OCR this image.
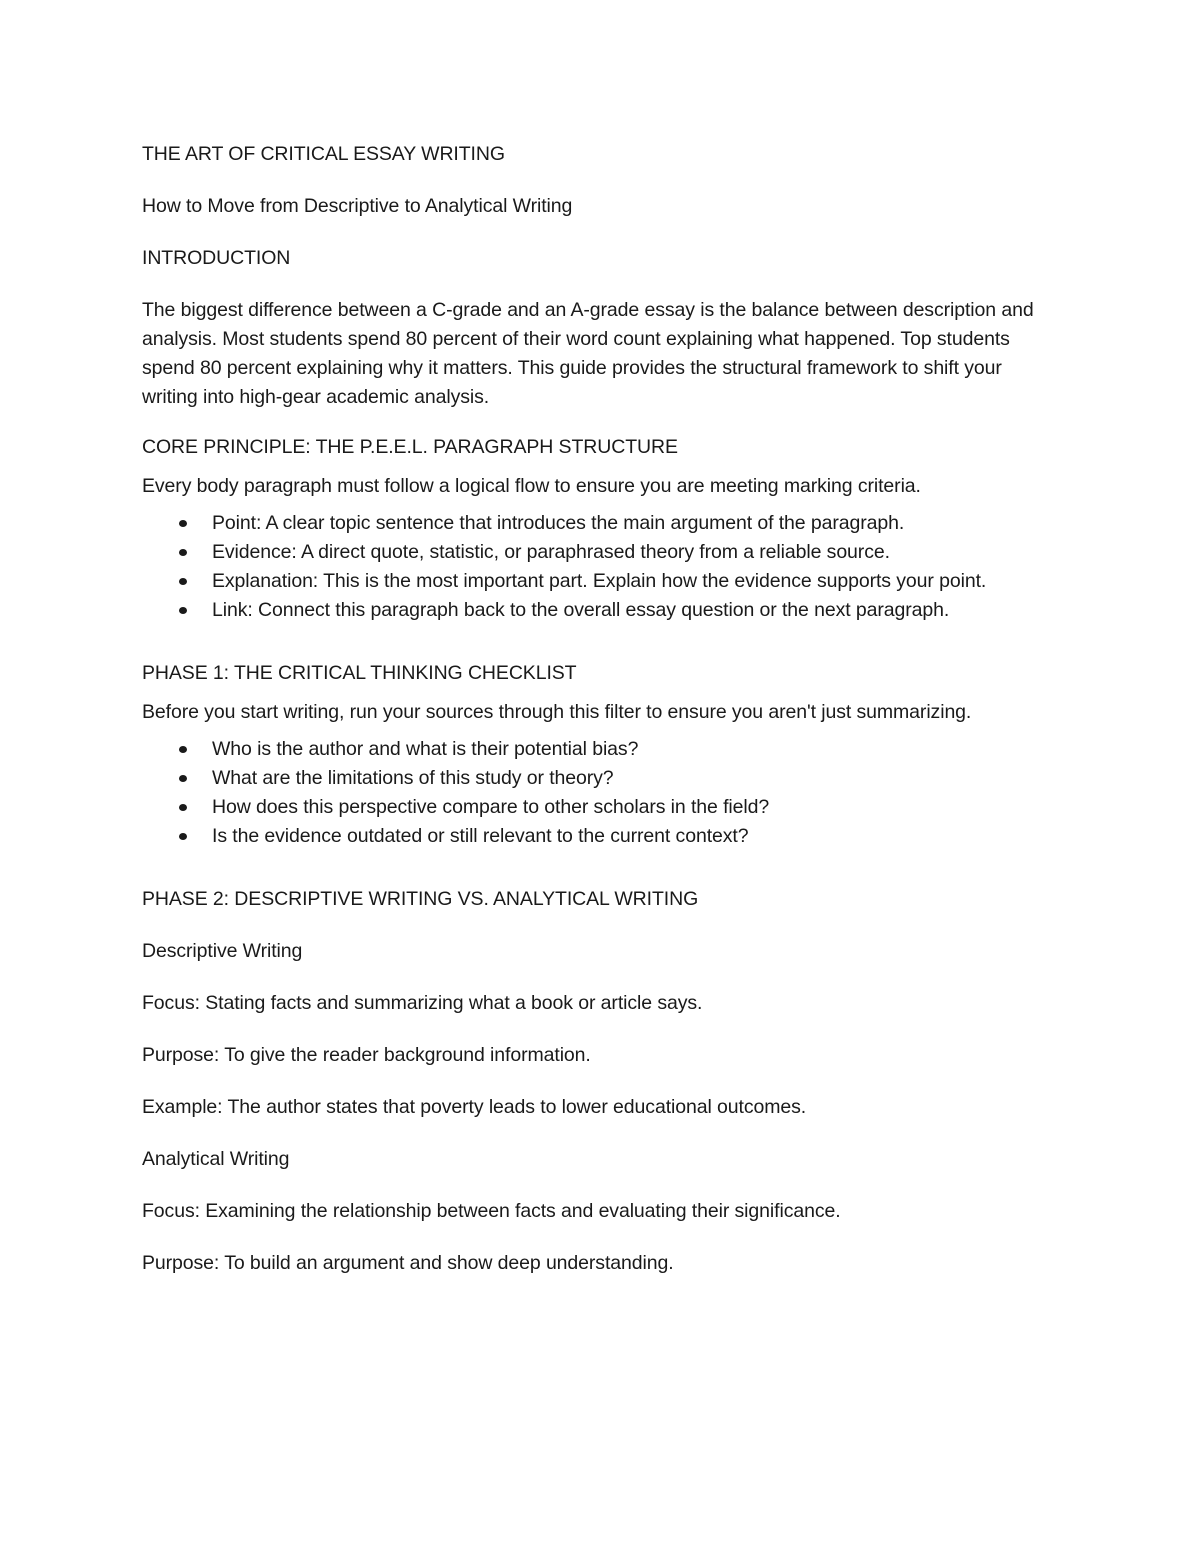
THE ART OF CRITICAL ESSAY WRITING

How to Move from Descriptive to Analytical Writing

INTRODUCTION

The biggest difference between a C-grade and an A-grade essay is the balance between description and analysis. Most students spend 80 percent of their word count explaining what happened. Top students spend 80 percent explaining why it matters. This guide provides the structural framework to shift your writing into high-gear academic analysis.

CORE PRINCIPLE: THE P.E.E.L. PARAGRAPH STRUCTURE

Every body paragraph must follow a logical flow to ensure you are meeting marking criteria.

Point: A clear topic sentence that introduces the main argument of the paragraph.
Evidence: A direct quote, statistic, or paraphrased theory from a reliable source.
Explanation: This is the most important part. Explain how the evidence supports your point.
Link: Connect this paragraph back to the overall essay question or the next paragraph.

PHASE 1: THE CRITICAL THINKING CHECKLIST

Before you start writing, run your sources through this filter to ensure you aren't just summarizing.

Who is the author and what is their potential bias?
What are the limitations of this study or theory?
How does this perspective compare to other scholars in the field?
Is the evidence outdated or still relevant to the current context?

PHASE 2: DESCRIPTIVE WRITING VS. ANALYTICAL WRITING

Descriptive Writing

Focus: Stating facts and summarizing what a book or article says.

Purpose: To give the reader background information.

Example: The author states that poverty leads to lower educational outcomes.

Analytical Writing

Focus: Examining the relationship between facts and evaluating their significance.

Purpose: To build an argument and show deep understanding.
